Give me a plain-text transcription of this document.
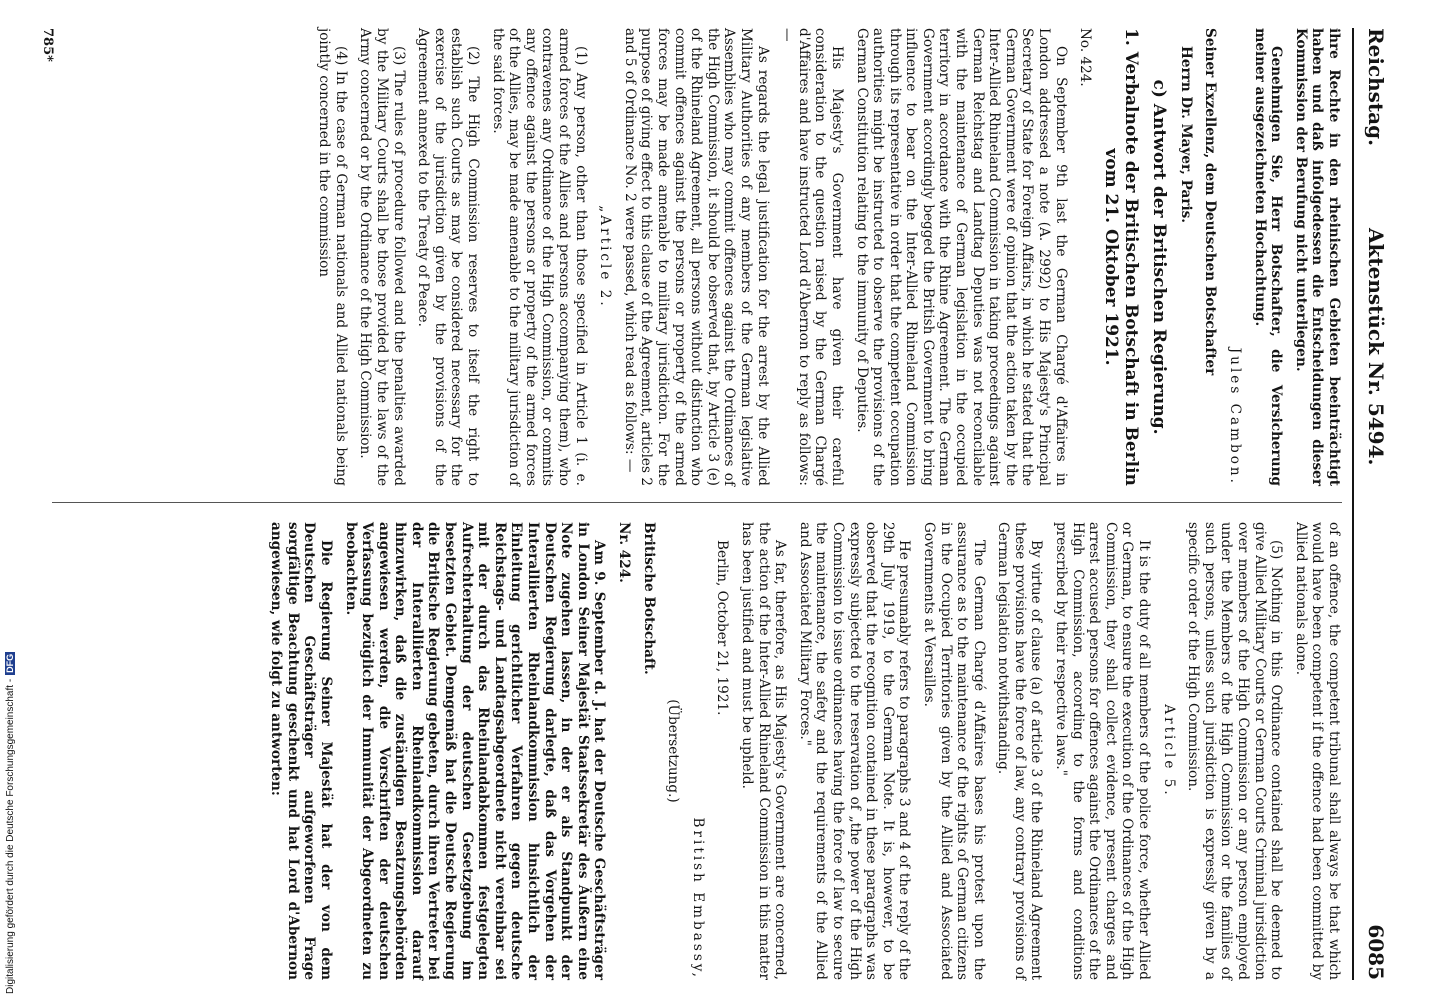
Digitalisierung gefördert durch die Deutsche Forschungsgemeinschaft -DFG
Reichstag.
Aktenstück Nr. 5494.
6085

ihre Rechte in den rheinischen Gebieten beeinträchtigt haben und daß infolgedessen die Entscheidungen dieser Kommission der Berufung nicht unterliegen.

Genehmigen Sie, Herr Botschafter, die Versicherung meiner ausgezeichneten Hochachtung.

Jules Cambon.

Seiner Exzellenz, dem Deutschen Botschafter

Herrn Dr. Mayer, Paris.

c) Antwort der Britischen Regierung.
1. Verbalnote der Britischen Botschaft in Berlin vom 21. Oktober 1921.

No. 424.

On September 9th last the German Chargé d'Affaires in London addressed a note (A. 2992) to His Majesty's Principal Secretary of State for Foreign Affairs, in which he stated that the German Government were of opinion that the action taken by the Inter-Allied Rhineland Commission in taking proceedings against German Reichstag and Landtag Deputies was not reconcilable with the maintenance of German legislation in the occupied territory in accordance with the Rhine Agreement. The German Government accordingly begged the British Government to bring influence to bear on the Inter-Allied Rhineland Commission through its representative in order that the competent occupation authorities might be instructed to observe the provisions of the German Constitution relating to the immunity of Deputies.

His Majesty's Government have given their careful consideration to the question raised by the German Chargé d'Affaires and have instructed Lord d'Abernon to reply as follows: —

As regards the legal justification for the arrest by the Allied Military Authorities of any members of the German legislative Assemblies who may commit offences against the Ordinances of the High Commission, it should be observed that, by Article 3 (e) of the Rhineland Agreement, all persons without distinction who commit offences against the persons or property of the armed forces may be made amenable to military jurisdiction. For the purpose of giving effect to this clause of the Agreement, articles 2 and 5 of Ordinance No. 2 were passed, which read as follows: —

„Article 2.

(1) Any person, other than those specified in Article 1 (i. e. armed forces of the Allies and persons accompanying them), who contravenes any Ordinance of the High Commission, or commits any offence against the persons or property of the armed forces of the Allies, may be made amenable to the military jurisdiction of the said forces.

(2) The High Commission reserves to itself the right to establish such Courts as may be considered necessary for the exercise of the jurisdiction given by the provisions of the Agreement annexed to the Treaty of Peace.

(3) The rules of procedure followed and the penalties awarded by the Military Courts shall be those provided by the laws of the Army concerned or by the Ordinance of the High Commission.

(4) In the case of German nationals and Allied nationals being jointly concerned in the commission

of an offence, the competent tribunal shall always be that which would have been competent if the offence had been committed by Allied nationals alone.

(5) Nothing in this Ordinance contained shall be deemed to give Allied Military Courts or German Courts Criminal jurisdiction over members of the High Commission or any person employed under the Members of the High Commission or the families of such persons, unless such jurisdiction is expressly given by a specific order of the High Commission.

Article 5.

It is the duty of all members of the police force, whether Allied or German, to ensure the execution of the Ordinances of the High Commission, they shall collect evidence, present charges and arrest accused persons for offences against the Ordinances of the High Commission, according to the forms and conditions prescribed by their respective laws."

By virtue of clause (a) of article 3 of the Rhineland Agreement these provisions have the force of law, any contrary provisions of German legislation notwithstanding.

The German Chargé d'Affaires bases his protest upon the assurance as to the maintenance of the rights of German citizens in the Occupied Territories given by the Allied and Associated Governments at Versailles.

He presumably refers to paragraphs 3 and 4 of the reply of the 29th July 1919, to the German Note. It is, however, to be observed that the recognition contained in these paragraphs was expressly subjected to the reservation of „the power of the High Commission to issue ordinances having the force of law to secure the maintenance, the safety and the requirements of the Allied and Associated Military Forces."

As far, therefore, as His Majesty's Government are concerned, the action of the Inter-Allied Rhineland Commission in this matter has been justified and must be upheld.

Berlin, October 21, 1921.

British Embassy,

(Übersetzung.)

Britische Botschaft.

Nr. 424.

Am 9. September d. J. hat der Deutsche Geschäftsträger in London Seiner Majestät Staatssekretär des Äußern eine Note zugehen lassen, in der er als Standpunkt der Deutschen Regierung darlegte, daß das Vorgehen der Interalliierten Rheinlandkommission hinsichtlich der Einleitung gerichtlicher Verfahren gegen deutsche Reichstags- und Landtagsabgeordnete nicht vereinbar sei mit der durch das Rheinlandabkommen festgelegten Aufrechterhaltung der deutschen Gesetzgebung im besetzten Gebiet. Demgemäß hat die Deutsche Regierung die Britische Regierung gebeten, durch ihren Vertreter bei der Interalliierten Rheinlandkommission darauf hinzuwirken, daß die zuständigen Besatzungsbehörden angewiesen werden, die Vorschriften der deutschen Verfassung bezüglich der Immunität der Abgeordneten zu beobachten.

Die Regierung Seiner Majestät hat der von dem Deutschen Geschäftsträger aufgeworfenen Frage sorgfältige Beachtung geschenkt und hat Lord d'Abernon angewiesen, wie folgt zu antworten:

785*
